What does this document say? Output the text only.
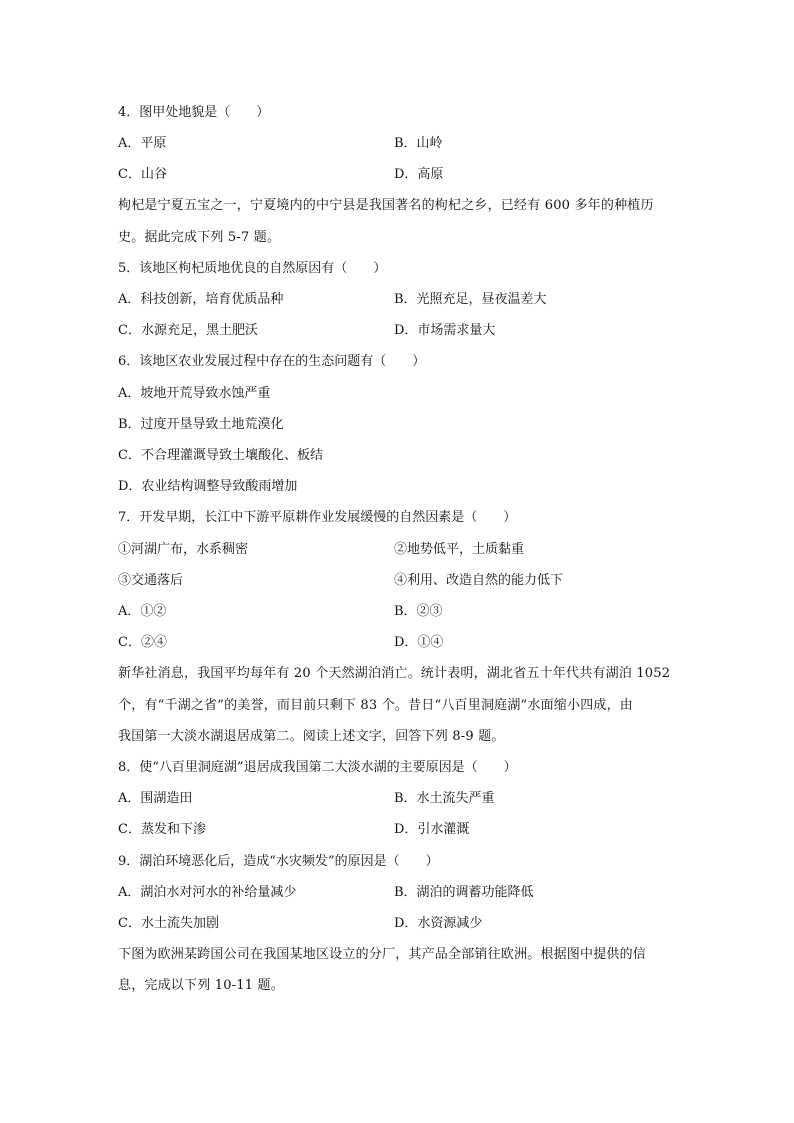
4．图甲处地貌是（　　）
A．平原	B．山岭
C．山谷	D．高原
枸杞是宁夏五宝之一，宁夏境内的中宁县是我国著名的枸杞之乡，已经有 600 多年的种植历
史。据此完成下列 5-7 题。
5．该地区枸杞质地优良的自然原因有（　　）
A．科技创新，培育优质品种	B．光照充足，昼夜温差大
C．水源充足，黑土肥沃	D．市场需求量大
6．该地区农业发展过程中存在的生态问题有（　　）
A．坡地开荒导致水蚀严重
B．过度开垦导致土地荒漠化
C．不合理灌溉导致土壤酸化、板结
D．农业结构调整导致酸雨增加
7．开发早期，长江中下游平原耕作业发展缓慢的自然因素是（　　）
①河湖广布，水系稠密	②地势低平，土质黏重
③交通落后	④利用、改造自然的能力低下
A．①②	B．②③
C．②④	D．①④
新华社消息，我国平均每年有 20 个天然湖泊消亡。统计表明，湖北省五十年代共有湖泊 1052
个，有“千湖之省”的美誉，而目前只剩下 83 个。昔日“八百里洞庭湖”水面缩小四成，由
我国第一大淡水湖退居成第二。阅读上述文字，回答下列 8-9 题。
8．使“八百里洞庭湖”退居成我国第二大淡水湖的主要原因是（　　）
A．围湖造田	B．水土流失严重
C．蒸发和下渗	D．引水灌溉
9．湖泊环境恶化后，造成“水灾频发”的原因是（　　）
A．湖泊水对河水的补给量减少	B．湖泊的调蓄功能降低
C．水土流失加剧	D．水资源减少
下图为欧洲某跨国公司在我国某地区设立的分厂，其产品全部销往欧洲。根据图中提供的信
息，完成以下列 10-11 题。
